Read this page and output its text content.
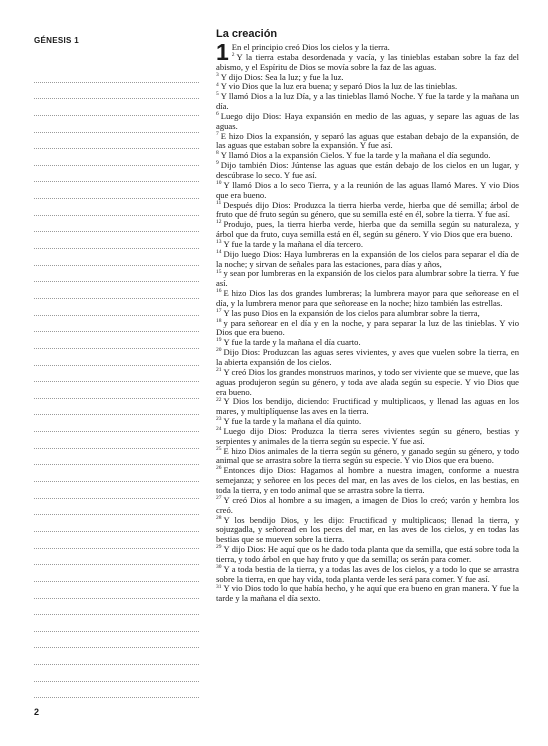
GÉNESIS 1
2
La creación
1 En el principio creó Dios los cielos y la tierra.

$^2$ Y la tierra estaba desordenada y vacía, y las tinieblas estaban sobre la faz del abismo, y el Espíritu de Dios se movía sobre la faz de las aguas.
$^3$ Y dijo Dios: Sea la luz; y fue la luz.
$^4$ Y vio Dios que la luz era buena; y separó Dios la luz de las tinieblas.
$^5$ Y llamó Dios a la luz Día, y a las tinieblas llamó Noche. Y fue la tarde y la mañana un día.
$^6$ Luego dijo Dios: Haya expansión en medio de las aguas, y separe las aguas de las aguas.
$^7$ E hizo Dios la expansión, y separó las aguas que estaban debajo de la expansión, de las aguas que estaban sobre la expansión. Y fue así.
$^8$ Y llamó Dios a la expansión Cielos. Y fue la tarde y la mañana el día segundo.
$^9$ Dijo también Dios: Júntense las aguas que están debajo de los cielos en un lugar, y descúbrase lo seco. Y fue así.
$^{10}$ Y llamó Dios a lo seco Tierra, y a la reunión de las aguas llamó Mares. Y vio Dios que era bueno.
$^{11}$ Después dijo Dios: Produzca la tierra hierba verde, hierba que dé semilla; árbol de fruto que dé fruto según su género, que su semilla esté en él, sobre la tierra. Y fue así.
$^{12}$ Produjo, pues, la tierra hierba verde, hierba que da semilla según su naturaleza, y árbol que da fruto, cuya semilla está en él, según su género. Y vio Dios que era bueno.
$^{13}$ Y fue la tarde y la mañana el día tercero.
$^{14}$ Dijo luego Dios: Haya lumbreras en la expansión de los cielos para separar el día de la noche; y sirvan de señales para las estaciones, para días y años,
$^{15}$ y sean por lumbreras en la expansión de los cielos para alumbrar sobre la tierra. Y fue así.
$^{16}$ E hizo Dios las dos grandes lumbreras; la lumbrera mayor para que señorease en el día, y la lumbrera menor para que señorease en la noche; hizo también las estrellas.
$^{17}$ Y las puso Dios en la expansión de los cielos para alumbrar sobre la tierra,
$^{18}$ y para señorear en el día y en la noche, y para separar la luz de las tinieblas. Y vio Dios que era bueno.
$^{19}$ Y fue la tarde y la mañana el día cuarto.
$^{20}$ Dijo Dios: Produzcan las aguas seres vivientes, y aves que vuelen sobre la tierra, en la abierta expansión de los cielos.
$^{21}$ Y creó Dios los grandes monstruos marinos, y todo ser viviente que se mueve, que las aguas produjeron según su género, y toda ave alada según su especie. Y vio Dios que era bueno.
$^{22}$ Y Dios los bendijo, diciendo: Fructificad y multiplicaos, y llenad las aguas en los mares, y multiplíquense las aves en la tierra.
$^{23}$ Y fue la tarde y la mañana el día quinto.
$^{24}$ Luego dijo Dios: Produzca la tierra seres vivientes según su género, bestias y serpientes y animales de la tierra según su especie. Y fue así.
$^{25}$ E hizo Dios animales de la tierra según su género, y ganado según su género, y todo animal que se arrastra sobre la tierra según su especie. Y vio Dios que era bueno.
$^{26}$ Entonces dijo Dios: Hagamos al hombre a nuestra imagen, conforme a nuestra semejanza; y señoree en los peces del mar, en las aves de los cielos, en las bestias, en toda la tierra, y en todo animal que se arrastra sobre la tierra.
$^{27}$ Y creó Dios al hombre a su imagen, a imagen de Dios lo creó; varón y hembra los creó.
$^{28}$ Y los bendijo Dios, y les dijo: Fructificad y multiplicaos; llenad la tierra, y sojuzgadla, y señoread en los peces del mar, en las aves de los cielos, y en todas las bestias que se mueven sobre la tierra.
$^{29}$ Y dijo Dios: He aquí que os he dado toda planta que da semilla, que está sobre toda la tierra, y todo árbol en que hay fruto y que da semilla; os serán para comer.
$^{30}$ Y a toda bestia de la tierra, y a todas las aves de los cielos, y a todo lo que se arrastra sobre la tierra, en que hay vida, toda planta verde les será para comer. Y fue así.
$^{31}$ Y vio Dios todo lo que había hecho, y he aquí que era bueno en gran manera. Y fue la tarde y la mañana el día sexto.
